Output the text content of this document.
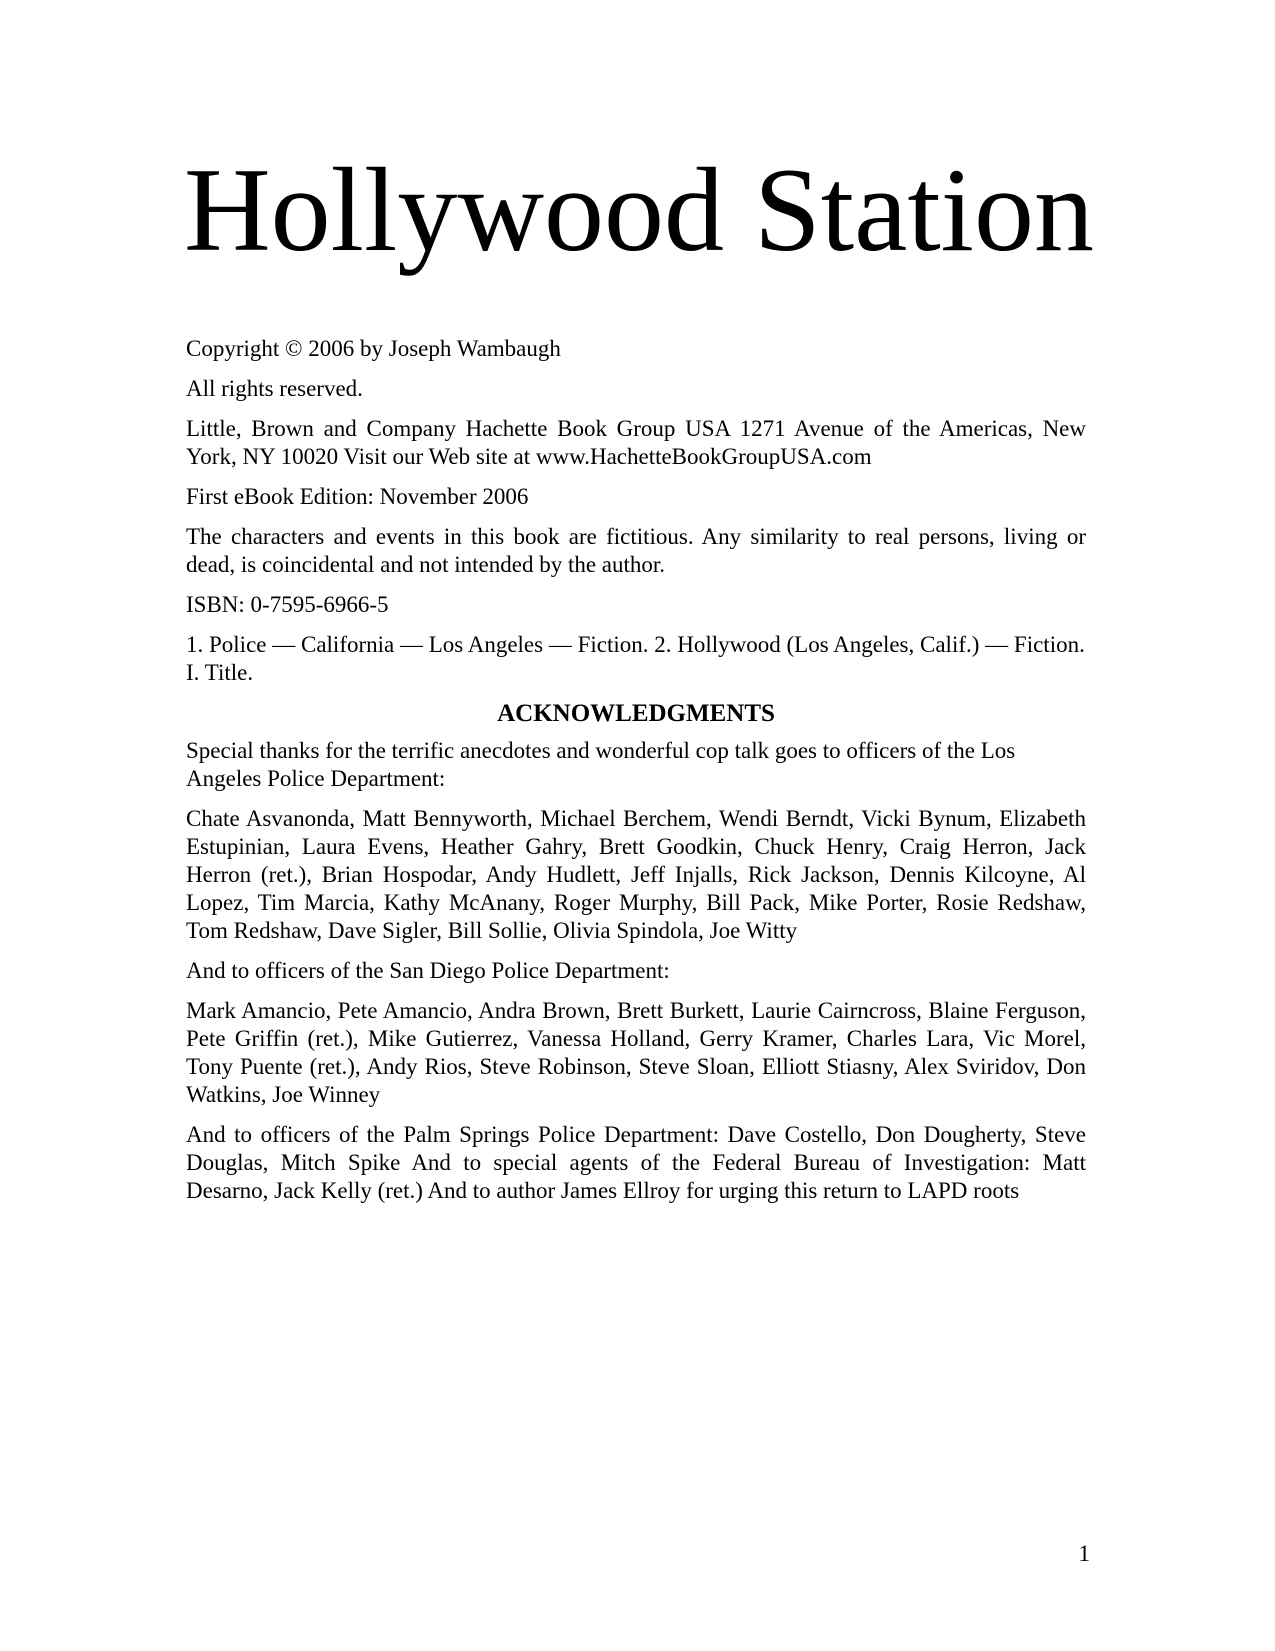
Hollywood Station

Copyright © 2006 by Joseph Wambaugh

All rights reserved.

Little, Brown and Company Hachette Book Group USA 1271 Avenue of the Americas, New York, NY 10020 Visit our Web site at www.HachetteBookGroupUSA.com

First eBook Edition: November 2006

The characters and events in this book are fictitious. Any similarity to real persons, living or dead, is coincidental and not intended by the author.

ISBN: 0-7595-6966-5

1. Police — California — Los Angeles — Fiction. 2. Hollywood (Los Angeles, Calif.) — Fiction. I. Title.

ACKNOWLEDGMENTS

Special thanks for the terrific anecdotes and wonderful cop talk goes to officers of the Los Angeles Police Department:

Chate Asvanonda, Matt Bennyworth, Michael Berchem, Wendi Berndt, Vicki Bynum, Elizabeth Estupinian, Laura Evens, Heather Gahry, Brett Goodkin, Chuck Henry, Craig Herron, Jack Herron (ret.), Brian Hospodar, Andy Hudlett, Jeff Injalls, Rick Jackson, Dennis Kilcoyne, Al Lopez, Tim Marcia, Kathy McAnany, Roger Murphy, Bill Pack, Mike Porter, Rosie Redshaw, Tom Redshaw, Dave Sigler, Bill Sollie, Olivia Spindola, Joe Witty

And to officers of the San Diego Police Department:

Mark Amancio, Pete Amancio, Andra Brown, Brett Burkett, Laurie Cairncross, Blaine Ferguson, Pete Griffin (ret.), Mike Gutierrez, Vanessa Holland, Gerry Kramer, Charles Lara, Vic Morel, Tony Puente (ret.), Andy Rios, Steve Robinson, Steve Sloan, Elliott Stiasny, Alex Sviridov, Don Watkins, Joe Winney

And to officers of the Palm Springs Police Department: Dave Costello, Don Dougherty, Steve Douglas, Mitch Spike And to special agents of the Federal Bureau of Investigation: Matt Desarno, Jack Kelly (ret.) And to author James Ellroy for urging this return to LAPD roots

1
